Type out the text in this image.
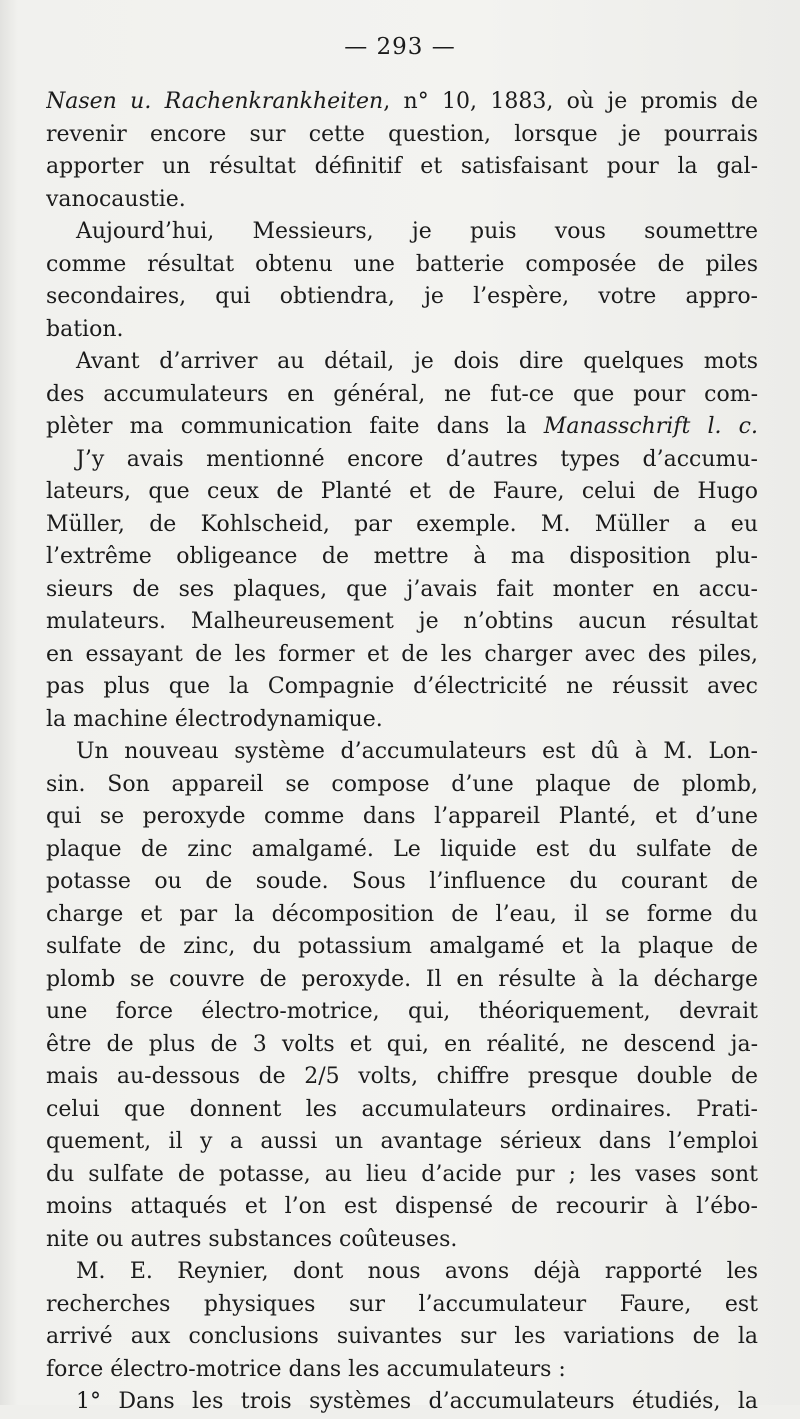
— 293 —
Nasen u. Rachenkrankheiten, n° 10, 1883, où je promis de
revenir encore sur cette question, lorsque je pourrais
apporter un résultat définitif et satisfaisant pour la gal-
vanocaustie.
Aujourd’hui, Messieurs, je puis vous soumettre
comme résultat obtenu une batterie composée de piles
secondaires, qui obtiendra, je l’espère, votre appro-
bation.
Avant d’arriver au détail, je dois dire quelques mots
des accumulateurs en général, ne fut-ce que pour com-
plèter ma communication faite dans la Manasschrift l. c.
J’y avais mentionné encore d’autres types d’accumu-
lateurs, que ceux de Planté et de Faure, celui de Hugo
Müller, de Kohlscheid, par exemple. M. Müller a eu
l’extrême obligeance de mettre à ma disposition plu-
sieurs de ses plaques, que j’avais fait monter en accu-
mulateurs. Malheureusement je n’obtins aucun résultat
en essayant de les former et de les charger avec des piles,
pas plus que la Compagnie d’électricité ne réussit avec
la machine électrodynamique.
Un nouveau système d’accumulateurs est dû à M. Lon-
sin. Son appareil se compose d’une plaque de plomb,
qui se peroxyde comme dans l’appareil Planté, et d’une
plaque de zinc amalgamé. Le liquide est du sulfate de
potasse ou de soude. Sous l’influence du courant de
charge et par la décomposition de l’eau, il se forme du
sulfate de zinc, du potassium amalgamé et la plaque de
plomb se couvre de peroxyde. Il en résulte à la décharge
une force électro-motrice, qui, théoriquement, devrait
être de plus de 3 volts et qui, en réalité, ne descend ja-
mais au-dessous de 2/5 volts, chiffre presque double de
celui que donnent les accumulateurs ordinaires. Prati-
quement, il y a aussi un avantage sérieux dans l’emploi
du sulfate de potasse, au lieu d’acide pur ; les vases sont
moins attaqués et l’on est dispensé de recourir à l’ébo-
nite ou autres substances coûteuses.
M. E. Reynier, dont nous avons déjà rapporté les
recherches physiques sur l’accumulateur Faure, est
arrivé aux conclusions suivantes sur les variations de la
force électro-motrice dans les accumulateurs :
1° Dans les trois systèmes d’accumulateurs étudiés, la
